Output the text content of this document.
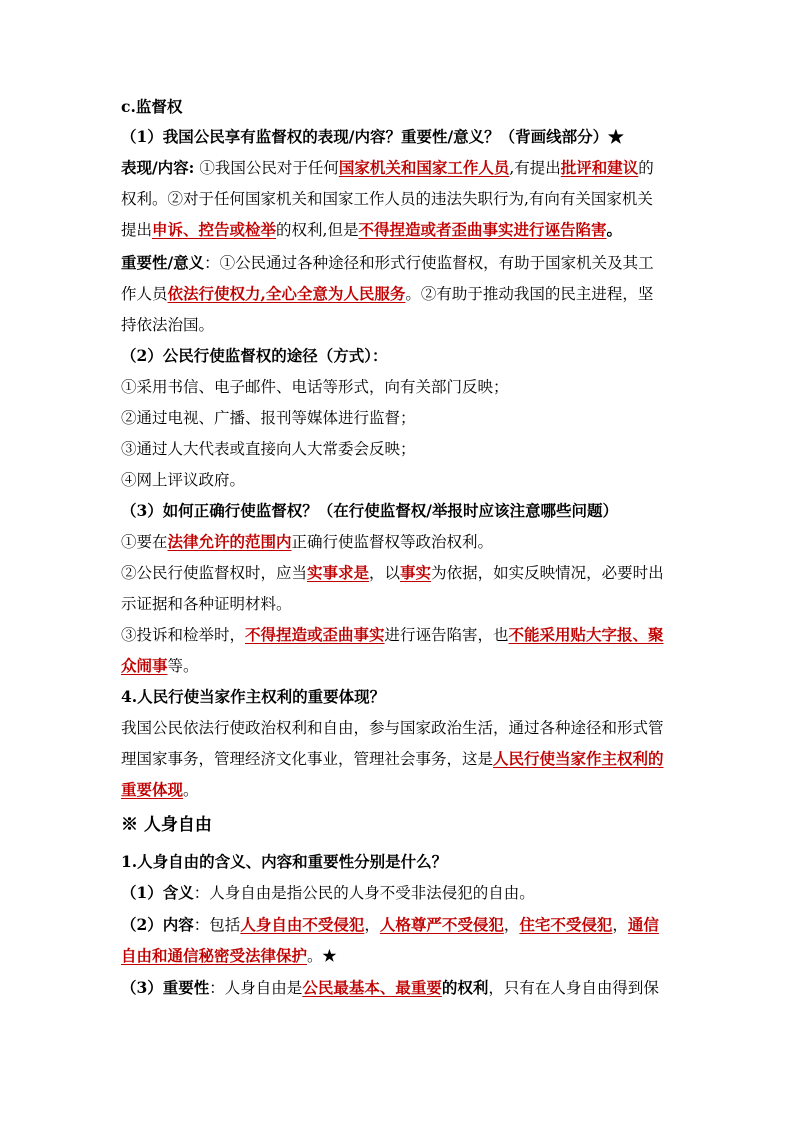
c.监督权
（1）我国公民享有监督权的表现/内容？重要性/意义？（背画线部分）★
表现/内容: ①我国公民对于任何国家机关和国家工作人员,有提出批评和建议的
权利。②对于任何国家机关和国家工作人员的违法失职行为,有向有关国家机关
提出申诉、控告或检举的权利,但是不得捏造或者歪曲事实进行诬告陷害。
重要性/意义：①公民通过各种途径和形式行使监督权，有助于国家机关及其工
作人员依法行使权力,全心全意为人民服务。②有助于推动我国的民主进程，坚
持依法治国。
（2）公民行使监督权的途径（方式）：
①采用书信、电子邮件、电话等形式，向有关部门反映；
②通过电视、广播、报刊等媒体进行监督；
③通过人大代表或直接向人大常委会反映；
④网上评议政府。
（3）如何正确行使监督权？（在行使监督权/举报时应该注意哪些问题）
①要在法律允许的范围内正确行使监督权等政治权利。
②公民行使监督权时，应当实事求是，以事实为依据，如实反映情况，必要时出
示证据和各种证明材料。
③投诉和检举时，不得捏造或歪曲事实进行诬告陷害，也不能采用贴大字报、聚
众闹事等。
4.人民行使当家作主权利的重要体现？
我国公民依法行使政治权利和自由，参与国家政治生活，通过各种途径和形式管
理国家事务，管理经济文化事业，管理社会事务，这是人民行使当家作主权利的
重要体现。
※ 人身自由
1.人身自由的含义、内容和重要性分别是什么？
（1）含义：人身自由是指公民的人身不受非法侵犯的自由。
（2）内容：包括人身自由不受侵犯，人格尊严不受侵犯，住宅不受侵犯，通信
自由和通信秘密受法律保护。★
（3）重要性：人身自由是公民最基本、最重要的权利，只有在人身自由得到保
